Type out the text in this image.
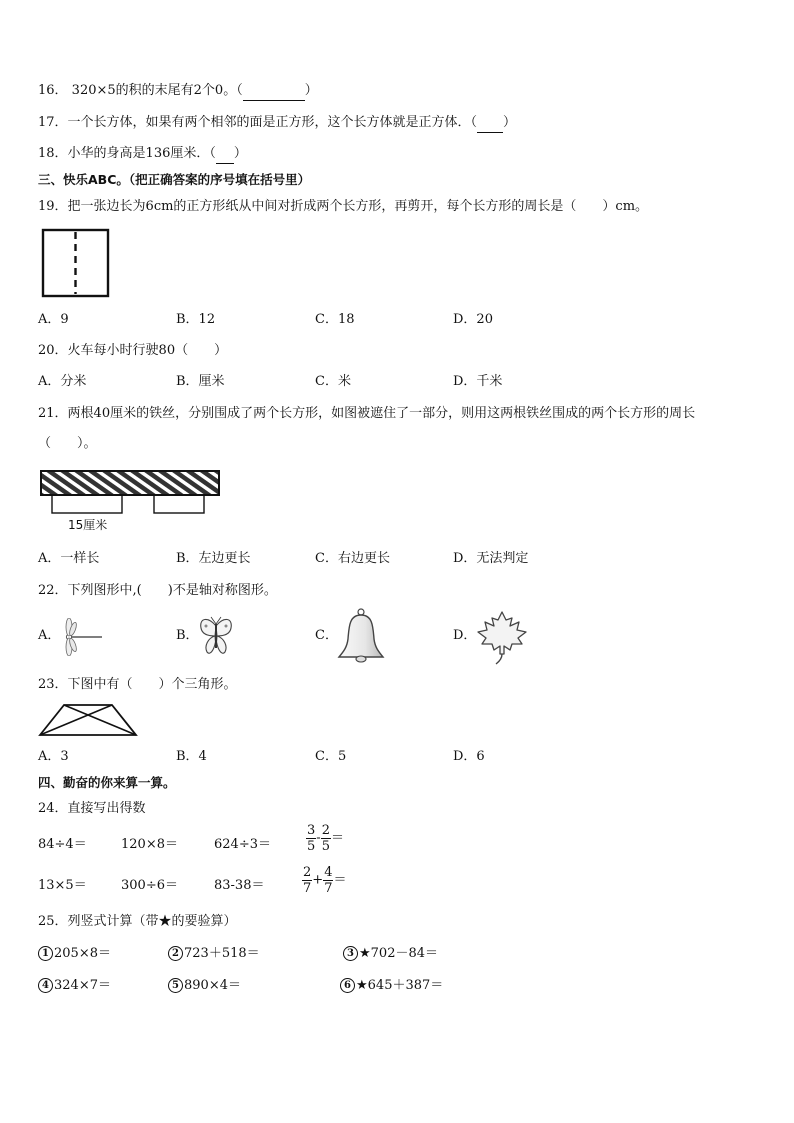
16． 320×5的积的末尾有2个0。（	）
17．一个长方体，如果有两个相邻的面是正方形，这个长方体就是正方体．（ ）
18．小华的身高是136厘米．（ ）
三、快乐ABC。（把正确答案的序号填在括号里）
19．把一张边长为6cm的正方形纸从中间对折成两个长方形，再剪开，每个长方形的周长是（　　）cm。
A．9	B．12	C．18	D．20
20．火车每小时行驶80（　　）
A．分米	B．厘米	C．米	D．千米
21．两根40厘米的铁丝，分别围成了两个长方形，如图被遮住了一部分，则用这两根铁丝围成的两个长方形的周长
（　　）。
15厘米
A．一样长	B．左边更长	C．右边更长	D．无法判定
22．下列图形中,(　　)不是轴对称图形。
A．	B．	C．	D．
23．下图中有（　　）个三角形。
A．3	B．4	C．5	D．6
四、勤奋的你来算一算。
24．直接写出得数
84÷4＝	120×8＝	624÷3＝	$\frac{3}{5} - \frac{2}{5}$ ＝
13×5＝	300÷6＝	83-38＝	$\frac{2}{7} + \frac{4}{7}$ ＝
25．列竖式计算（带★的要验算）
1 205×8＝	2 723＋518＝	3 ★702－84＝
4 324×7＝	5 890×4＝	6 ★645＋387＝
